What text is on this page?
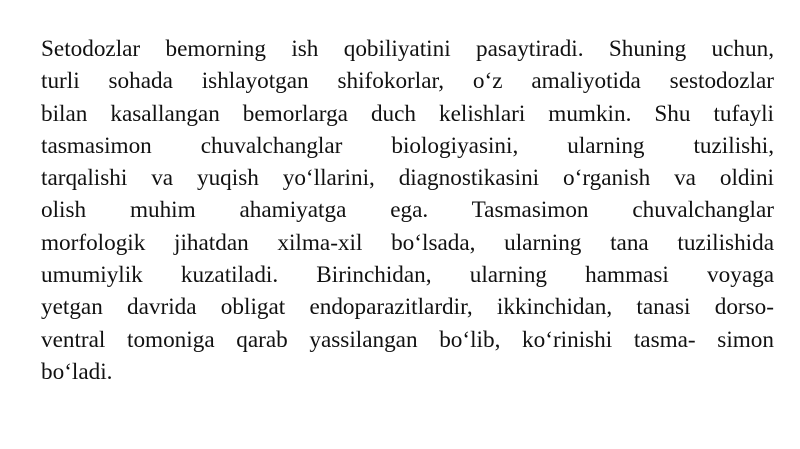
Setodozlar bemorning ish qobiliyatini pasaytiradi. Shuning uchun,
turli sohada ishlayotgan shifokorlar, oʻz amaliyotida sestodozlar
bilan kasallangan bemorlarga duch kelishlari mumkin. Shu tufayli
tasmasimon chuvalchanglar biologiyasini, ularning tuzilishi,
tarqalishi va yuqish yoʻllarini, diagnostikasini oʻrganish va oldini
olish muhim ahamiyatga ega. Tasmasimon chuvalchanglar
morfologik jihatdan xilma-xil boʻlsada, ularning tana tuzilishida
umumiylik kuzatiladi. Birinchidan, ularning hammasi voyaga
yetgan davrida obligat endoparazitlardir, ikkinchidan, tanasi dorso-
ventral tomoniga qarab yassilangan boʻlib, koʻrinishi tasma- simon
boʻladi.
